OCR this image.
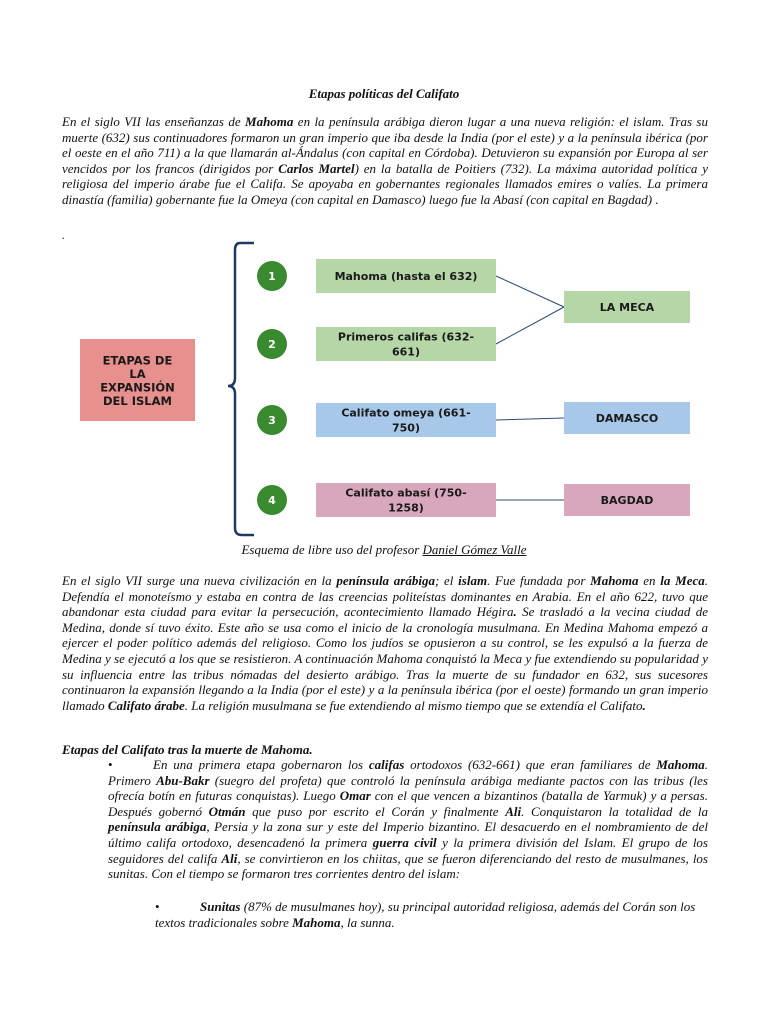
Etapas políticas del Califato

En el siglo VII las enseñanzas de Mahoma en la península arábiga dieron lugar a una nueva religión: el islam. Tras su muerte (632) sus continuadores formaron un gran imperio que iba desde la India (por el este) y a la península ibérica (por el oeste en el año 711) a la que llamarán al-Ándalus (con capital en Córdoba). Detuvieron su expansión por Europa al ser vencidos por los francos (dirigidos por Carlos Martel) en la batalla de Poitiers (732). La máxima autoridad política y religiosa del imperio árabe fue el Califa. Se apoyaba en gobernantes regionales llamados emires o valíes. La primera dinastía (familia) gobernante fue la Omeya (con capital en Damasco) luego fue la Abasí (con capital en Bagdad) .

.
ETAPAS DE
LA
EXPANSIÓN
DEL ISLAM
1	Mahoma (hasta el 632)
2
Primeros califas (632-
661)
3
Califato omeya (661-
750)
4
Califato abasí (750-
1258)
LA MECA
DAMASCO
BAGDAD
Esquema de libre uso del profesor Daniel Gómez Valle

En el siglo VII surge una nueva civilización en la península arábiga; el islam. Fue fundada por Mahoma en la Meca. Defendía el monoteísmo y estaba en contra de las creencias politeístas dominantes en Arabia. En el año 622, tuvo que abandonar esta ciudad para evitar la persecución, acontecimiento llamado Hégira. Se trasladó a la vecina ciudad de Medina, donde sí tuvo éxito. Este año se usa como el inicio de la cronología musulmana. En Medina Mahoma empezó a ejercer el poder político además del religioso. Como los judíos se opusieron a su control, se les expulsó a la fuerza de Medina y se ejecutó a los que se resistieron. A continuación Mahoma conquistó la Meca y fue extendiendo su popularidad y su influencia entre las tribus nómadas del desierto arábigo. Tras la muerte de su fundador en 632, sus sucesores continuaron la expansión llegando a la India (por el este) y a la península ibérica (por el oeste) formando un gran imperio llamado Califato árabe. La religión musulmana se fue extendiendo al mismo tiempo que se extendía el Califato.

Etapas del Califato tras la muerte de Mahoma.

•	En una primera etapa gobernaron los califas ortodoxos (632-661) que eran familiares de Mahoma. Primero Abu-Bakr (suegro del profeta) que controló la península arábiga mediante pactos con las tribus (les ofrecía botín en futuras conquistas). Luego Omar con el que vencen a bizantinos (batalla de Yarmuk) y a persas. Después gobernó Otmán que puso por escrito el Corán y finalmente Ali. Conquistaron la totalidad de la península arábiga, Persia y la zona sur y este del Imperio bizantino. El desacuerdo en el nombramiento de del último califa ortodoxo, desencadenó la primera guerra civil y la primera división del Islam. El grupo de los seguidores del califa Ali, se convirtieron en los chiitas, que se fueron diferenciando del resto de musulmanes, los sunitas. Con el tiempo se formaron tres corrientes dentro del islam:

•	Sunitas (87% de musulmanes hoy), su principal autoridad religiosa, además del Corán son los textos tradicionales sobre Mahoma, la sunna.
